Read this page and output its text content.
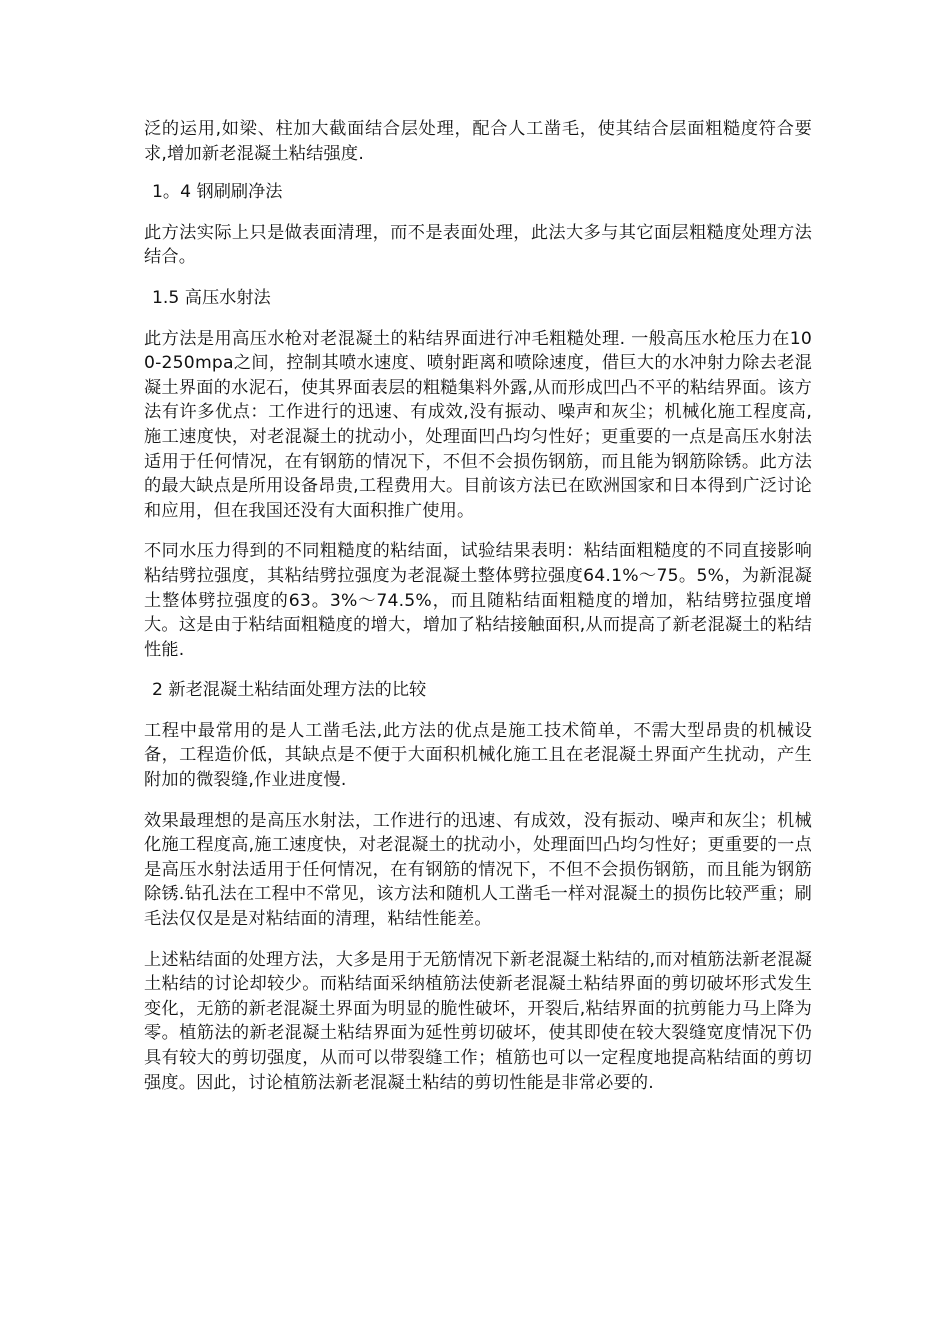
泛的运用,如梁、柱加大截面结合层处理，配合人工凿毛，使其结合层面粗糙度符合要求,增加新老混凝土粘结强度.

1。4 钢刷刷净法

此方法实际上只是做表面清理，而不是表面处理，此法大多与其它面层粗糙度处理方法结合。

1.5 高压水射法

此方法是用高压水枪对老混凝土的粘结界面进行冲毛粗糙处理. 一般高压水枪压力在100-250mpa之间，控制其喷水速度、喷射距离和喷除速度，借巨大的水冲射力除去老混凝土界面的水泥石，使其界面表层的粗糙集料外露,从而形成凹凸不平的粘结界面。该方法有许多优点：工作进行的迅速、有成效,没有振动、噪声和灰尘；机械化施工程度高,施工速度快，对老混凝土的扰动小，处理面凹凸均匀性好；更重要的一点是高压水射法适用于任何情况，在有钢筋的情况下，不但不会损伤钢筋，而且能为钢筋除锈。此方法的最大缺点是所用设备昂贵,工程费用大。目前该方法已在欧洲国家和日本得到广泛讨论和应用，但在我国还没有大面积推广使用。

不同水压力得到的不同粗糙度的粘结面，试验结果表明：粘结面粗糙度的不同直接影响粘结劈拉强度，其粘结劈拉强度为老混凝土整体劈拉强度64.1%～75。5%，为新混凝土整体劈拉强度的63。3%～74.5%，而且随粘结面粗糙度的增加，粘结劈拉强度增大。这是由于粘结面粗糙度的增大，增加了粘结接触面积,从而提高了新老混凝土的粘结性能.

2 新老混凝土粘结面处理方法的比较

工程中最常用的是人工凿毛法,此方法的优点是施工技术简单，不需大型昂贵的机械设备，工程造价低，其缺点是不便于大面积机械化施工且在老混凝土界面产生扰动，产生附加的微裂缝,作业进度慢.

效果最理想的是高压水射法，工作进行的迅速、有成效，没有振动、噪声和灰尘；机械化施工程度高,施工速度快，对老混凝土的扰动小，处理面凹凸均匀性好；更重要的一点是高压水射法适用于任何情况，在有钢筋的情况下，不但不会损伤钢筋，而且能为钢筋除锈.钻孔法在工程中不常见，该方法和随机人工凿毛一样对混凝土的损伤比较严重；刷毛法仅仅是是对粘结面的清理，粘结性能差。

上述粘结面的处理方法，大多是用于无筋情况下新老混凝土粘结的,而对植筋法新老混凝土粘结的讨论却较少。而粘结面采纳植筋法使新老混凝土粘结界面的剪切破坏形式发生变化，无筋的新老混凝土界面为明显的脆性破坏，开裂后,粘结界面的抗剪能力马上降为零。植筋法的新老混凝土粘结界面为延性剪切破坏，使其即使在较大裂缝宽度情况下仍具有较大的剪切强度，从而可以带裂缝工作；植筋也可以一定程度地提高粘结面的剪切强度。因此，讨论植筋法新老混凝土粘结的剪切性能是非常必要的.
